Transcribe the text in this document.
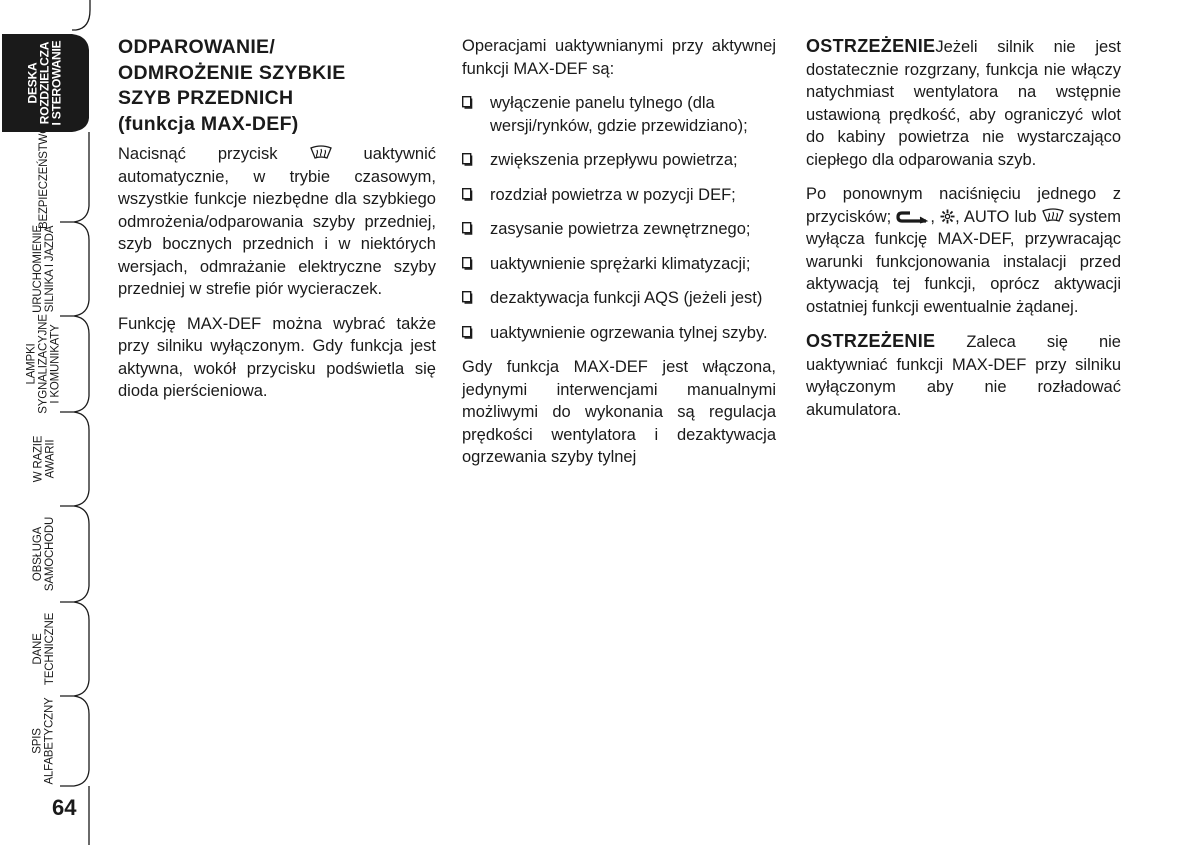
DESKA
ROZDZIELCZA
I STEROWANIE
BEZPIECZEŃSTWO
URUCHOMIENIE SILNIKA I JAZDA
LAMPKI SYGNALIZACYJNE I KOMUNIKATY
W RAZIE AWARII
OBSŁUGA SAMOCHODU
DANE TECHNICZNE
SPIS ALFABETYCZNY
64
ODPAROWANIE/
ODMROŻENIE SZYBKIE
SZYB PRZEDNICH
(funkcja MAX-DEF)

Nacisnąć przycisk	uaktywnić automatycznie, w trybie czasowym, wszystkie funkcje niezbędne dla szybkiego odmrożenia/odparowania szyby przedniej, szyb bocznych przednich i w niektórych wersjach, odmrażanie elektryczne szyby przedniej w strefie piór wycieraczek.

Funkcję MAX-DEF można wybrać także przy silniku wyłączonym. Gdy funkcja jest aktywna, wokół przycisku podświetla się dioda pierścieniowa.

Operacjami uaktywnianymi przy aktywnej funkcji MAX-DEF są:

wyłączenie panelu tylnego (dla wersji/rynków, gdzie przewidziano);
zwiększenia przepływu powietrza;
rozdział powietrza w pozycji DEF;
zasysanie powietrza zewnętrznego;
uaktywnienie sprężarki klimatyzacji;
dezaktywacja funkcji AQS (jeżeli jest)
uaktywnienie ogrzewania tylnej szyby.

Gdy funkcja MAX-DEF jest włączona, jedynymi interwencjami manualnymi możliwymi do wykonania są regulacja prędkości wentylatora i dezaktywacja ogrzewania szyby tylnej

OSTRZEŻENIEJeżeli silnik nie jest dostatecznie rozgrzany, funkcja nie włączy natychmiast wentylatora na wstępnie ustawioną prędkość, aby ograniczyć wlot do kabiny powietrza nie wystarczająco ciepłego dla odparowania szyb.

Po ponownym naciśnięciu jednego z przycisków; , , AUTO lub system wyłącza funkcję MAX-DEF, przywracając warunki funkcjonowania instalacji przed aktywacją tej funkcji, oprócz aktywacji ostatniej funkcji ewentualnie żądanej.

OSTRZEŻENIE Zaleca się nie uaktywniać funkcji MAX-DEF przy silniku wyłączonym aby nie rozładować akumulatora.
